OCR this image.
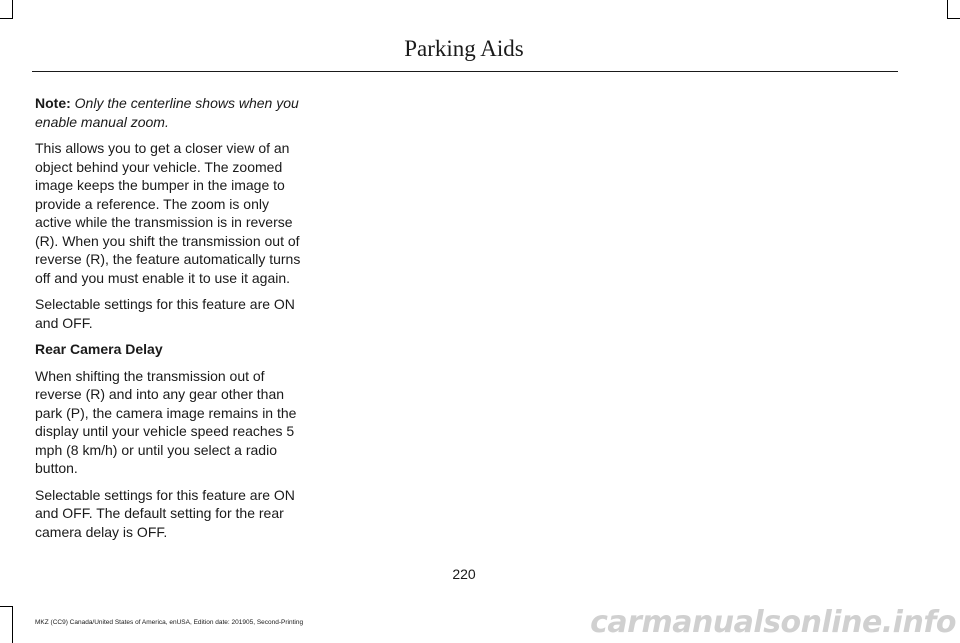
Parking Aids

Note: Only the centerline shows when you enable manual zoom.

This allows you to get a closer view of an object behind your vehicle. The zoomed image keeps the bumper in the image to provide a reference. The zoom is only active while the transmission is in reverse (R). When you shift the transmission out of reverse (R), the feature automatically turns off and you must enable it to use it again.

Selectable settings for this feature are ON and OFF.

Rear Camera Delay

When shifting the transmission out of reverse (R) and into any gear other than park (P), the camera image remains in the display until your vehicle speed reaches 5 mph (8 km/h) or until you select a radio button.

Selectable settings for this feature are ON and OFF. The default setting for the rear camera delay is OFF.

220
MKZ (CC9) Canada/United States of America, enUSA, Edition date: 201905, Second-Printing	carmanualsonline.info
